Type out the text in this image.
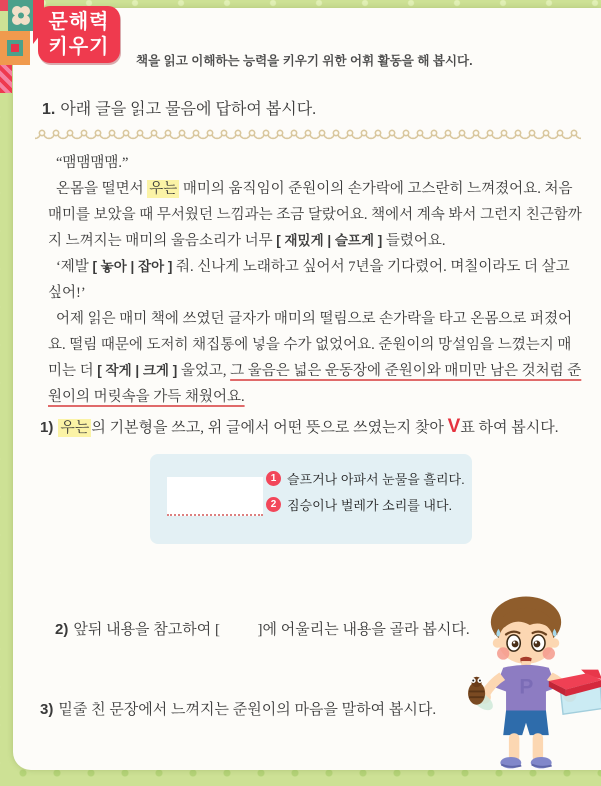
문해력
키우기
책을 읽고 이해하는 능력을 키우기 위한 어휘 활동을 해 봅시다.
1. 아래 글을 읽고 물음에 답하여 봅시다.

“맴맴맴맴.”

온몸을 떨면서 우는 매미의 움직임이 준원이의 손가락에 고스란히 느껴졌어요. 처음 매미를 보았을 때 무서웠던 느낌과는 조금 달랐어요. 책에서 계속 봐서 그런지 친근함까지 느껴지는 매미의 울음소리가 너무 [ 재밌게 | 슬프게 ] 들렸어요.

‘제발 [ 놓아 | 잡아 ] 줘. 신나게 노래하고 싶어서 7년을 기다렸어. 며칠이라도 더 살고 싶어!’

어제 읽은 매미 책에 쓰였던 글자가 매미의 떨림으로 손가락을 타고 온몸으로 퍼졌어요. 떨림 때문에 도저히 채집통에 넣을 수가 없었어요. 준원이의 망설임을 느꼈는지 매미는 더 [ 작게 | 크게 ] 울었고, 그 울음은 넓은 운동장에 준원이와 매미만 남은 것처럼 준원이의 머릿속을 가득 채웠어요.

1) 우는 의 기본형을 쓰고, 위 글에서 어떤 뜻으로 쓰였는지 찾아 V표 하여 봅시다.
1 슬프거나 아파서 눈물을 흘리다.
2 짐승이나 벌레가 소리를 내다.

2) 앞뒤 내용을 참고하여 [          ]에 어울리는 내용을 골라 봅시다.

3) 밑줄 친 문장에서 느껴지는 준원이의 마음을 말하여 봅시다.
P
